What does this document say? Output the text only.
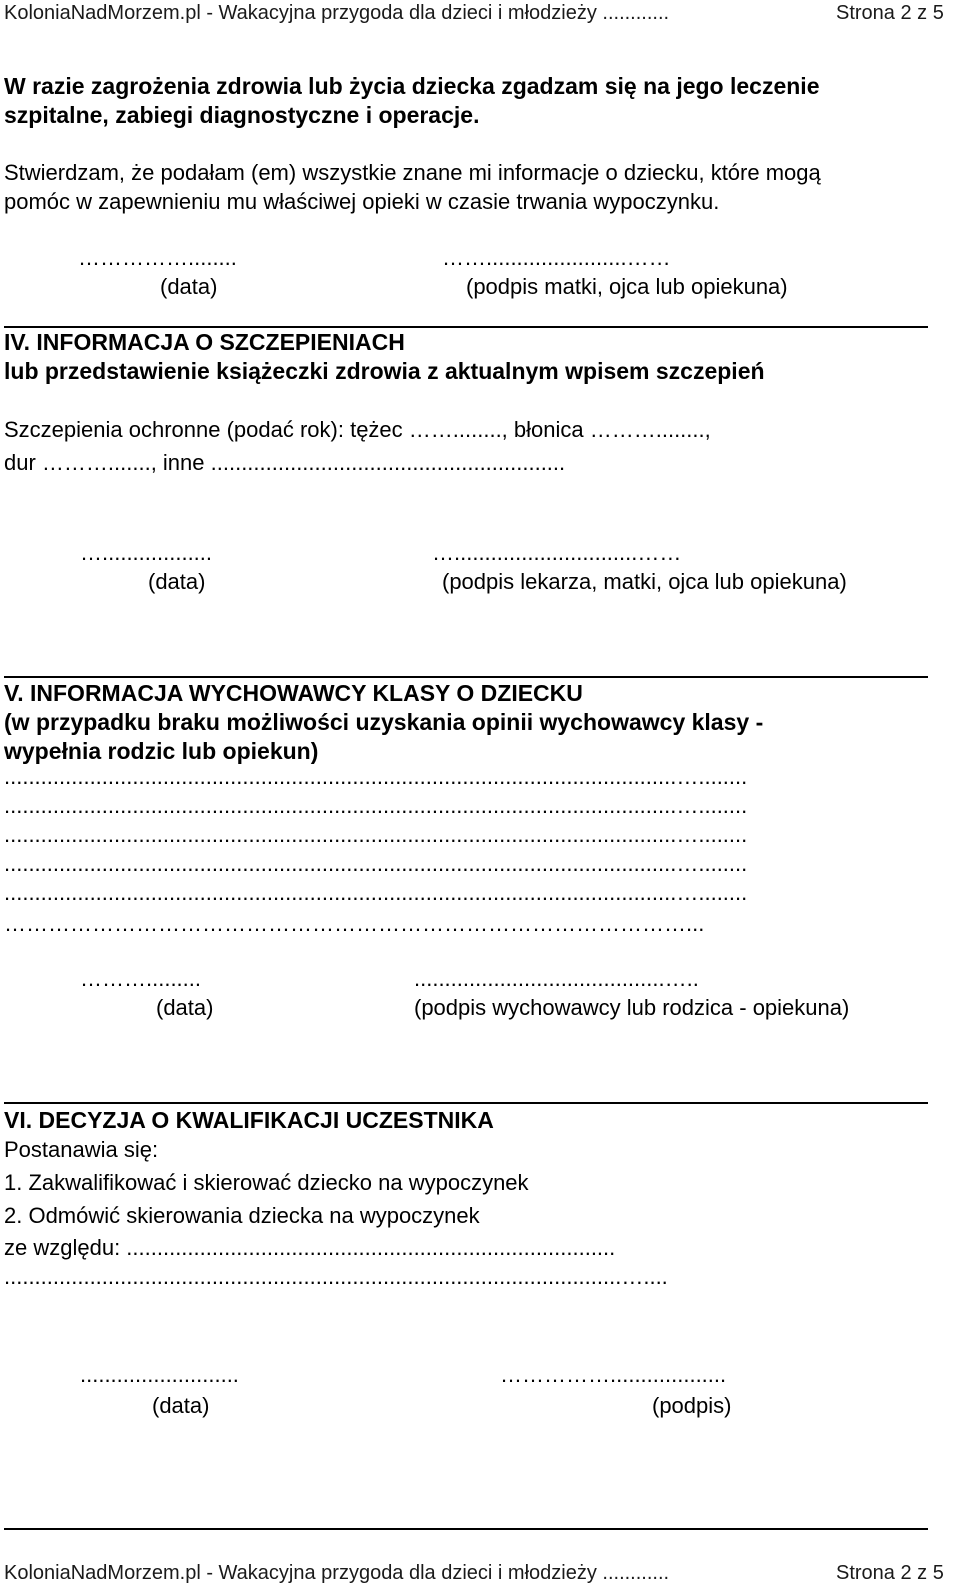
KoloniaNadMorzem.pl - Wakacyjna przygoda dla dzieci i młodzieży ............	Strona 2 z 5
W razie zagrożenia zdrowia lub życia dziecka zgadzam się na jego leczenie
szpitalne, zabiegi diagnostyczne i operacje.
Stwierdzam, że podałam (em) wszystkie znane mi informacje o dziecku, które mogą
pomóc w zapewnieniu mu właściwej opieki w czasie trwania wypoczynku.
……………........	…….......................……
(data)	(podpis matki, ojca lub opiekuna)
IV. INFORMACJA O SZCZEPIENIACH
lub przedstawienie książeczki zdrowia z aktualnym wpisem szczepień
Szczepienia ochronne (podać rok): tężec ……........, błonica ………........,
dur ………......., inne ..........................................................
…..................	…..............................……
(data)	(podpis lekarza, matki, ojca lub opiekuna)
V. INFORMACJA WYCHOWAWCY KLASY O DZIECKU
(w przypadku braku możliwości uzyskania opinii wychowawcy klasy -
wypełnia rodzic lub opiekun)
..............................................................................................................…........
..............................................................................................................…........
..............................................................................................................…........
..............................................................................................................…........
..............................................................................................................…........
…………………………………………………………………………………...
……….........	.........................................…..
(data)	(podpis wychowawcy lub rodzica - opiekuna)
VI. DECYZJA O KWALIFIKACJI UCZESTNIKA
Postanawia się:
1. Zakwalifikować i skierować dziecko na wypoczynek
2. Odmówić skierowania dziecka na wypoczynek
ze względu: ................................................................................
.....................................................................................................…....
..........................	……………...................
(data)	(podpis)
KoloniaNadMorzem.pl - Wakacyjna przygoda dla dzieci i młodzieży ............	Strona 2 z 5
